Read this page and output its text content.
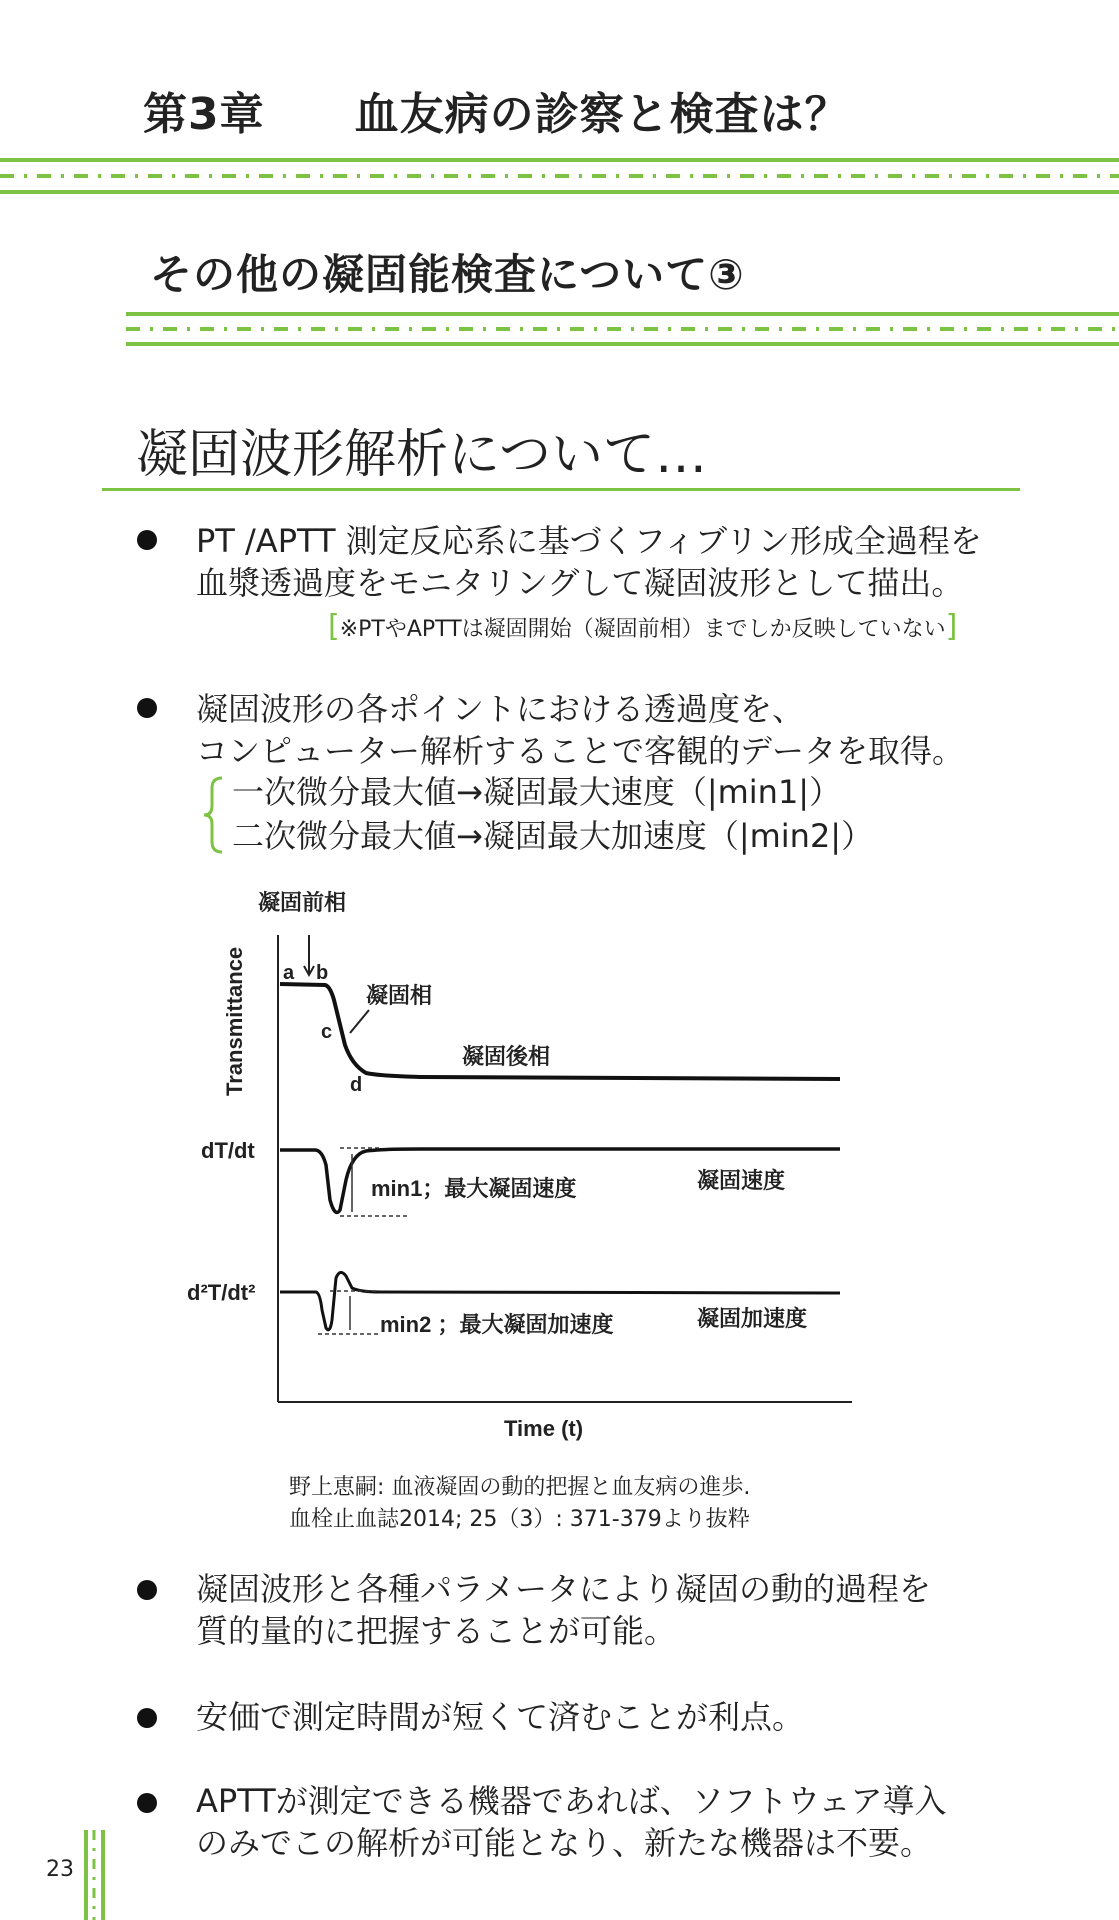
第3章　　血友病の診察と検査は？
その他の凝固能検査について③
凝固波形解析について…
PT /APTT 測定反応系に基づくフィブリン形成全過程を
血漿透過度をモニタリングして凝固波形として描出。
[※PTやAPTTは凝固開始（凝固前相）までしか反映していない]
凝固波形の各ポイントにおける透過度を、
コンピューター解析することで客観的データを取得。
一次微分最大値→凝固最大速度（|min1|）
二次微分最大値→凝固最大加速度（|min2|）
凝固前相
a b
c
d
凝固相
凝固後相
Transmittance
dT/dt
d²T/dt²
min1；最大凝固速度	凝固速度
min2 ；最大凝固加速度	凝固加速度
Time (t)
野上恵嗣: 血液凝固の動的把握と血友病の進歩.
血栓止血誌2014; 25（3）: 371-379より抜粋
凝固波形と各種パラメータにより凝固の動的過程を
質的量的に把握することが可能。
安価で測定時間が短くて済むことが利点。
APTTが測定できる機器であれば、ソフトウェア導入
のみでこの解析が可能となり、新たな機器は不要。
23
